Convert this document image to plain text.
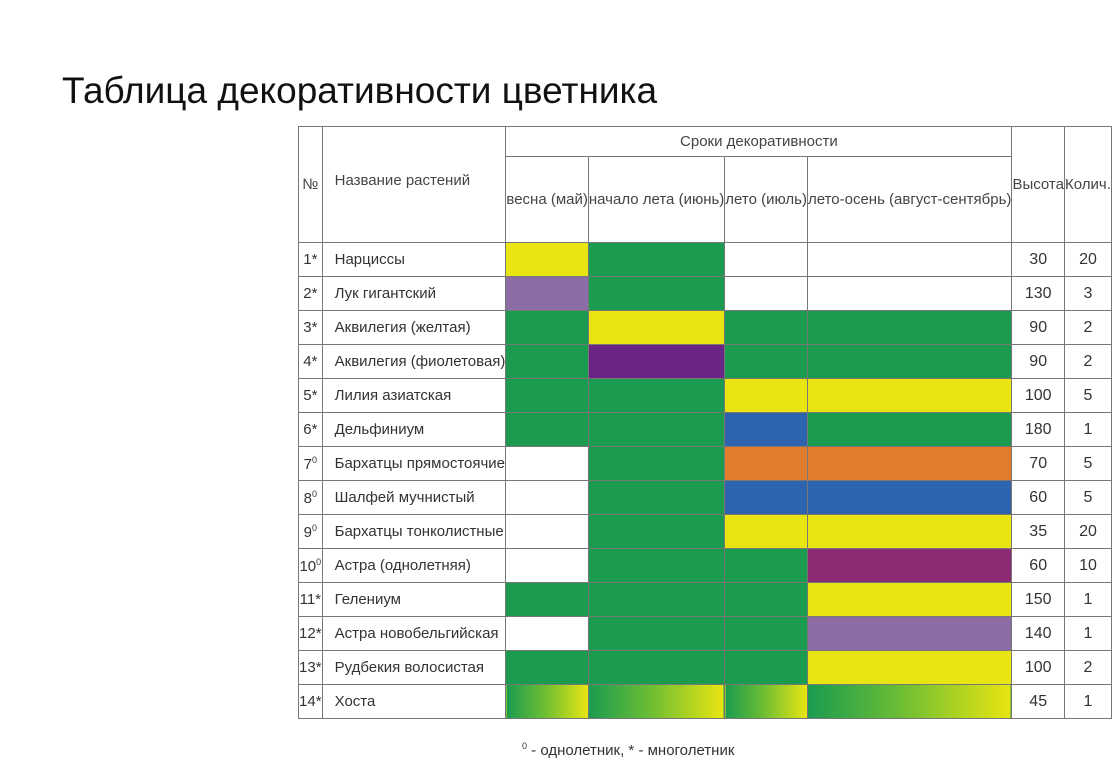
Таблица декоративности цветника
№	Название растений	Сроки декоративности				Высота	Колич.
		весна (май)	начало лета (июнь)	лето (июль)	лето-осень (август-сентябрь)		
1*	Нарциссы					30	20
2*	Лук гигантский					130	3
3*	Аквилегия (желтая)					90	2
4*	Аквилегия (фиолетовая)					90	2
5*	Лилия азиатская					100	5
6*	Дельфиниум					180	1
$7^0$	Бархатцы прямостоячие					70	5
$8^0$	Шалфей мучнистый					60	5
$9^0$	Бархатцы тонколистные					35	20
$10^0$	Астра (однолетняя)					60	10
11*	Гелениум					150	1
12*	Астра новобельгийская					140	1
13*	Рудбекия волосистая					100	2
14*	Хоста					45	1

$^0$ - однолетник, * - многолетник
